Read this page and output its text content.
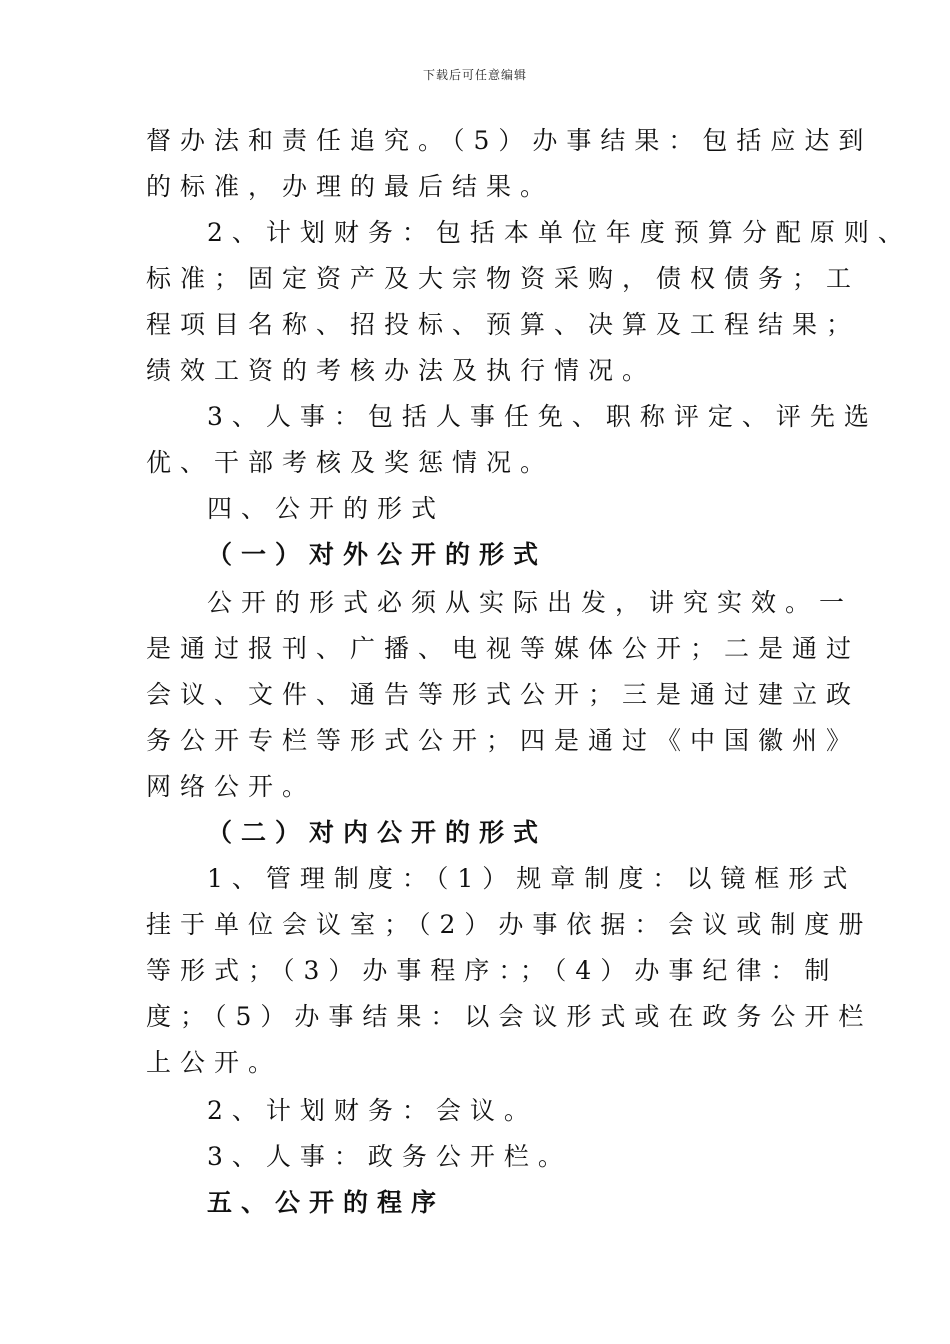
下载后可任意编辑
督办法和责任追究。（5）办事结果：包括应达到
的标准，办理的最后结果。
2、计划财务：包括本单位年度预算分配原则、
标准；固定资产及大宗物资采购，债权债务；工
程项目名称、招投标、预算、决算及工程结果；
绩效工资的考核办法及执行情况。
3、人事：包括人事任免、职称评定、评先选
优、干部考核及奖惩情况。
四、公开的形式
（一）对外公开的形式
公开的形式必须从实际出发，讲究实效。一
是通过报刊、广播、电视等媒体公开；二是通过
会议、文件、通告等形式公开；三是通过建立政
务公开专栏等形式公开；四是通过《中国徽州》
网络公开。
（二）对内公开的形式
1、管理制度：（1）规章制度：以镜框形式
挂于单位会议室；（2）办事依据：会议或制度册
等形式；（3）办事程序：；（4）办事纪律：制
度；（5）办事结果：以会议形式或在政务公开栏
上公开。
2、计划财务：会议。
3、人事：政务公开栏。
五、公开的程序
